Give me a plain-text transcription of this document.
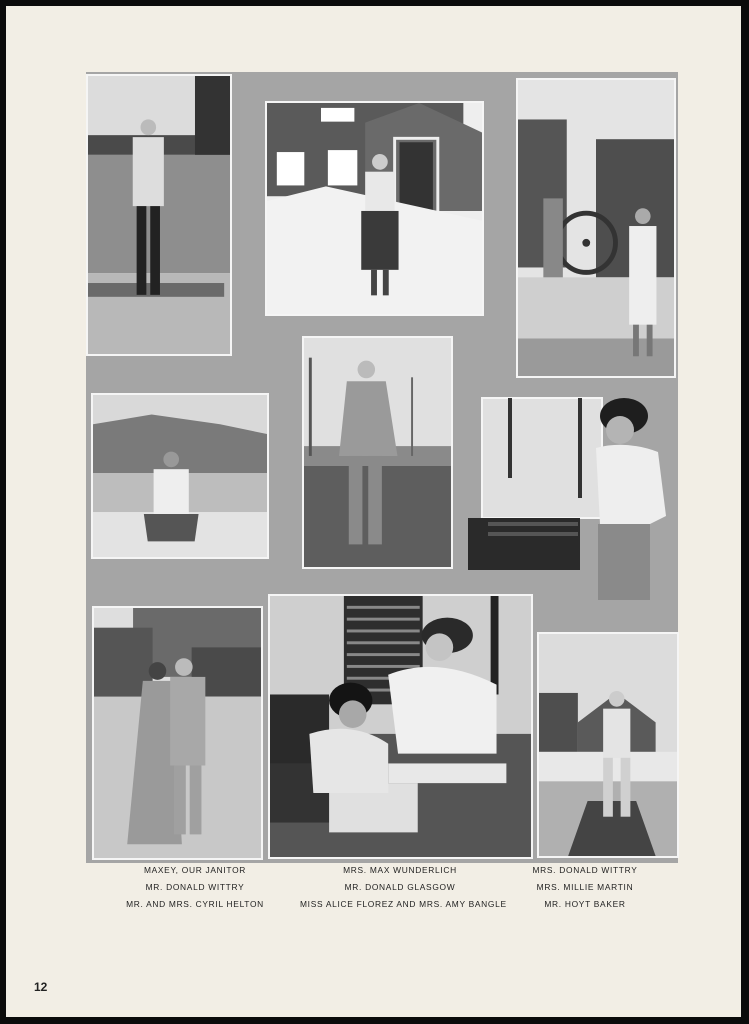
MAXEY, OUR JANITOR
MR. DONALD WITTRY
MR. AND MRS. CYRIL HELTON
MRS. MAX WUNDERLICH
MR. DONALD GLASGOW
MISS ALICE FLOREZ AND MRS. AMY BANGLE
MRS. DONALD WITTRY
MRS. MILLIE MARTIN
MR. HOYT BAKER
12
